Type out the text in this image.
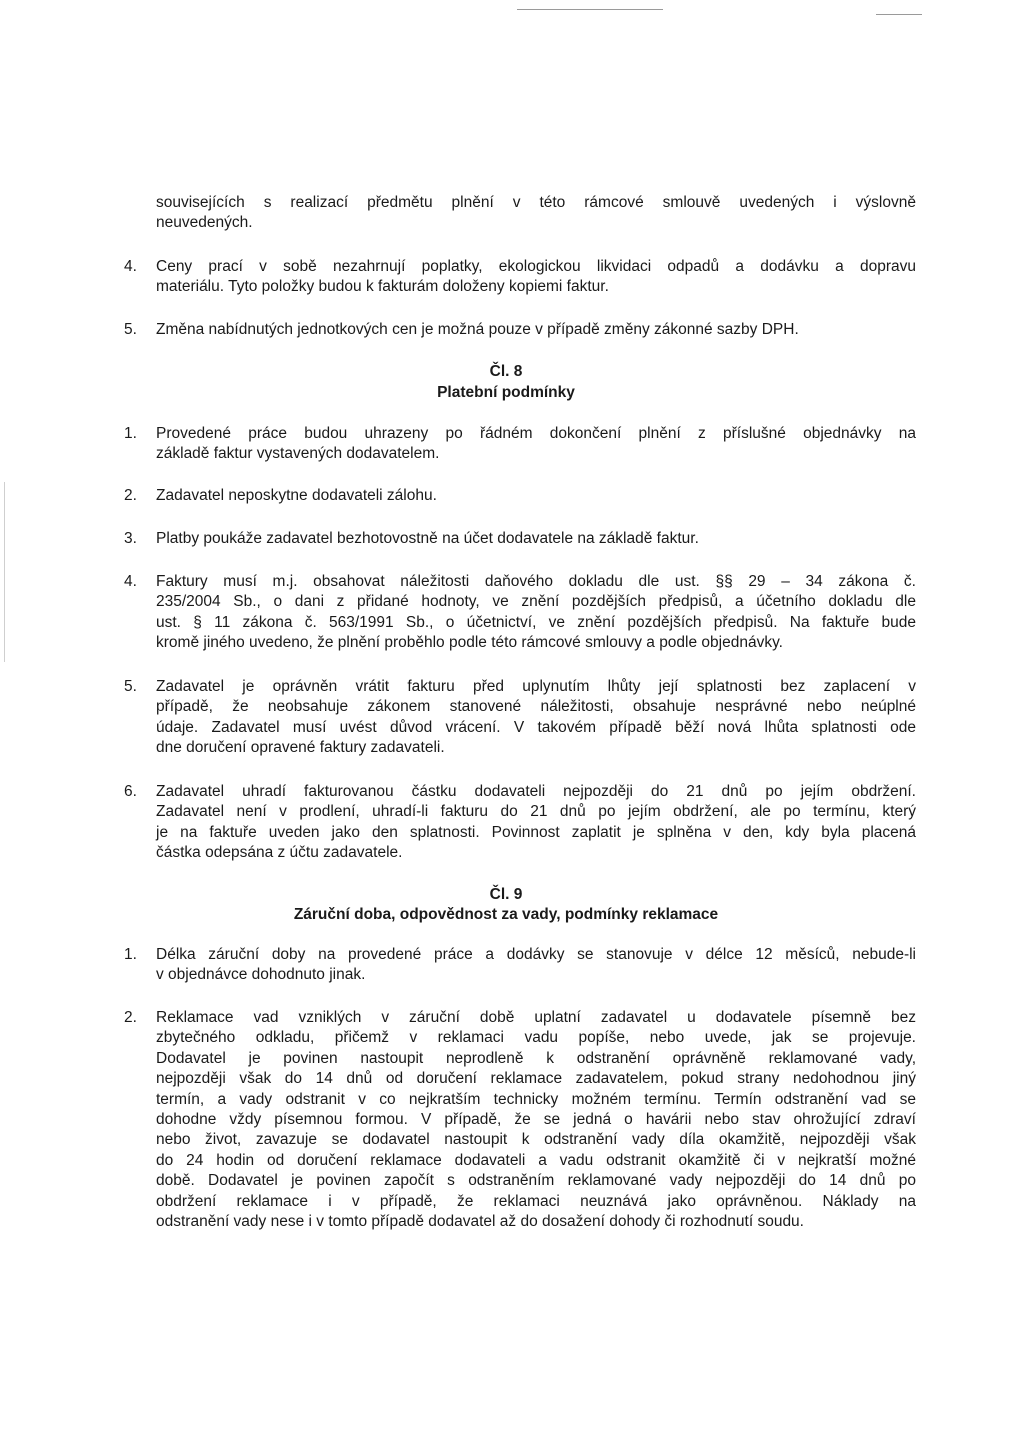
souvisejících s realizací předmětu plnění v této rámcové smlouvě uvedených i výslovně
neuvedených.
4. Ceny prací v sobě nezahrnují poplatky, ekologickou likvidaci odpadů a dodávku a dopravu
materiálu. Tyto položky budou k fakturám doloženy kopiemi faktur.
5. Změna nabídnutých jednotkových cen je možná pouze v případě změny zákonné sazby DPH.
Čl. 8
Platební podmínky
1. Provedené práce budou uhrazeny po řádném dokončení plnění z příslušné objednávky na
základě faktur vystavených dodavatelem.
2. Zadavatel neposkytne dodavateli zálohu.
3. Platby poukáže zadavatel bezhotovostně na účet dodavatele na základě faktur.
4. Faktury musí m.j. obsahovat náležitosti daňového dokladu dle ust. §§ 29 – 34 zákona č.
235/2004 Sb., o dani z přidané hodnoty, ve znění pozdějších předpisů, a účetního dokladu dle
ust. § 11 zákona č. 563/1991 Sb., o účetnictví, ve znění pozdějších předpisů. Na faktuře bude
kromě jiného uvedeno, že plnění proběhlo podle této rámcové smlouvy a podle objednávky.
5. Zadavatel je oprávněn vrátit fakturu před uplynutím lhůty její splatnosti bez zaplacení v
případě, že neobsahuje zákonem stanovené náležitosti, obsahuje nesprávné nebo neúplné
údaje. Zadavatel musí uvést důvod vrácení. V takovém případě běží nová lhůta splatnosti ode
dne doručení opravené faktury zadavateli.
6. Zadavatel uhradí fakturovanou částku dodavateli nejpozději do 21 dnů po jejím obdržení.
Zadavatel není v prodlení, uhradí-li fakturu do 21 dnů po jejím obdržení, ale po termínu, který
je na faktuře uveden jako den splatnosti. Povinnost zaplatit je splněna v den, kdy byla placená
částka odepsána z účtu zadavatele.
Čl. 9
Záruční doba, odpovědnost za vady, podmínky reklamace
1. Délka záruční doby na provedené práce a dodávky se stanovuje v délce 12 měsíců, nebude-li
v objednávce dohodnuto jinak.
2. Reklamace vad vzniklých v záruční době uplatní zadavatel u dodavatele písemně bez
zbytečného odkladu, přičemž v reklamaci vadu popíše, nebo uvede, jak se projevuje.
Dodavatel je povinen nastoupit neprodleně k odstranění oprávněně reklamované vady,
nejpozději však do 14 dnů od doručení reklamace zadavatelem, pokud strany nedohodnou jiný
termín, a vady odstranit v co nejkratším technicky možném termínu. Termín odstranění vad se
dohodne vždy písemnou formou. V případě, že se jedná o havárii nebo stav ohrožující zdraví
nebo život, zavazuje se dodavatel nastoupit k odstranění vady díla okamžitě, nejpozději však
do 24 hodin od doručení reklamace dodavateli a vadu odstranit okamžitě či v nejkratší možné
době. Dodavatel je povinen započít s odstraněním reklamované vady nejpozději do 14 dnů po
obdržení reklamace i v případě, že reklamaci neuznává jako oprávněnou. Náklady na
odstranění vady nese i v tomto případě dodavatel až do dosažení dohody či rozhodnutí soudu.
